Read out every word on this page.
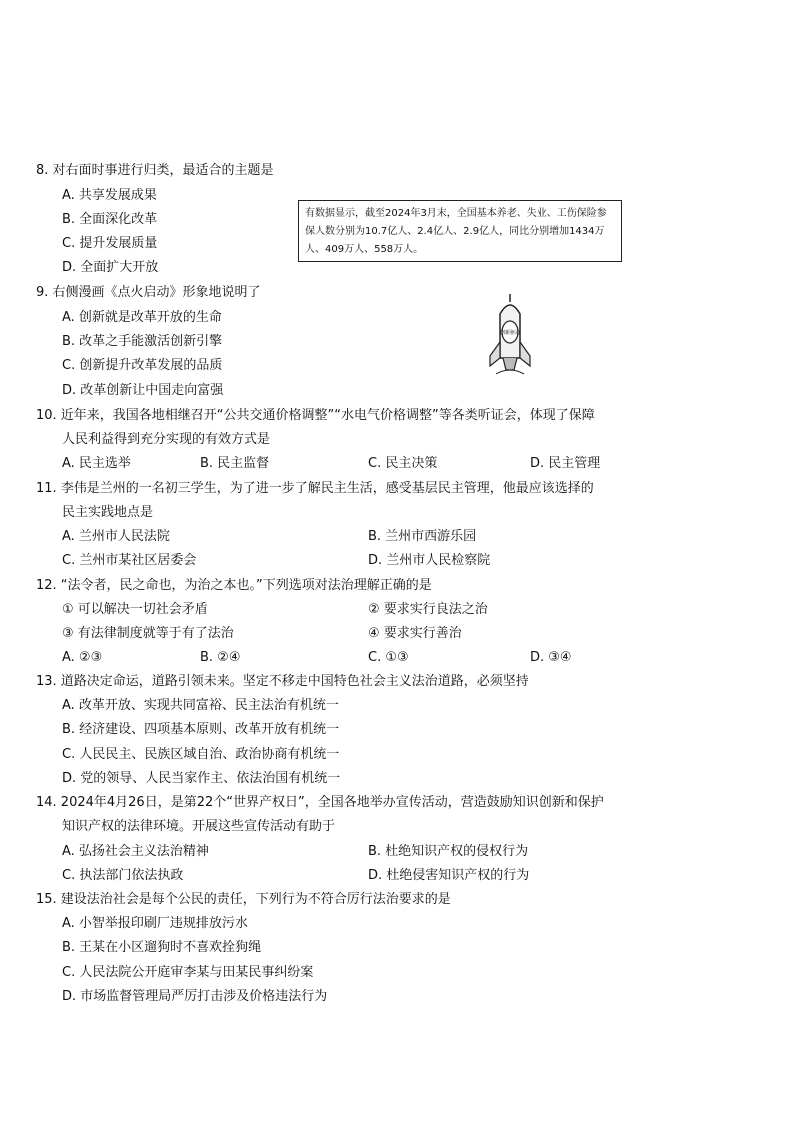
8. 对右面时事进行归类，最适合的主题是
A. 共享发展成果
B. 全面深化改革
C. 提升发展质量
D. 全面扩大开放
有数据显示，截至2024年3月末，全国基本养老、失业、工伤保险参保人数分别为10.7亿人、2.4亿人、2.9亿人，同比分别增加1434万人、409万人、558万人。
9. 右侧漫画《点火启动》形象地说明了
A. 创新就是改革开放的生命
B. 改革之手能激活创新引擎
C. 创新提升改革发展的品质
D. 改革创新让中国走向富强
创新驱动
10. 近年来，我国各地相继召开“公共交通价格调整”“水电气价格调整”等各类听证会，体现了保障
人民利益得到充分实现的有效方式是
A. 民主选举	B. 民主监督	C. 民主决策	D. 民主管理
11. 李伟是兰州的一名初三学生，为了进一步了解民主生活，感受基层民主管理，他最应该选择的
民主实践地点是
A. 兰州市人民法院	B. 兰州市西游乐园
C. 兰州市某社区居委会	D. 兰州市人民检察院
12. “法令者，民之命也，为治之本也。”下列选项对法治理解正确的是
① 可以解决一切社会矛盾	② 要求实行良法之治
③ 有法律制度就等于有了法治	④ 要求实行善治
A. ②③	B. ②④	C. ①③	D. ③④
13. 道路决定命运，道路引领未来。坚定不移走中国特色社会主义法治道路，必须坚持
A. 改革开放、实现共同富裕、民主法治有机统一
B. 经济建设、四项基本原则、改革开放有机统一
C. 人民民主、民族区域自治、政治协商有机统一
D. 党的领导、人民当家作主、依法治国有机统一
14. 2024年4月26日，是第22个“世界产权日”，全国各地举办宣传活动，营造鼓励知识创新和保护
知识产权的法律环境。开展这些宣传活动有助于
A. 弘扬社会主义法治精神	B. 杜绝知识产权的侵权行为
C. 执法部门依法执政	D. 杜绝侵害知识产权的行为
15. 建设法治社会是每个公民的责任，下列行为不符合厉行法治要求的是
A. 小智举报印刷厂违规排放污水
B. 王某在小区遛狗时不喜欢拴狗绳
C. 人民法院公开庭审李某与田某民事纠纷案
D. 市场监督管理局严厉打击涉及价格违法行为
